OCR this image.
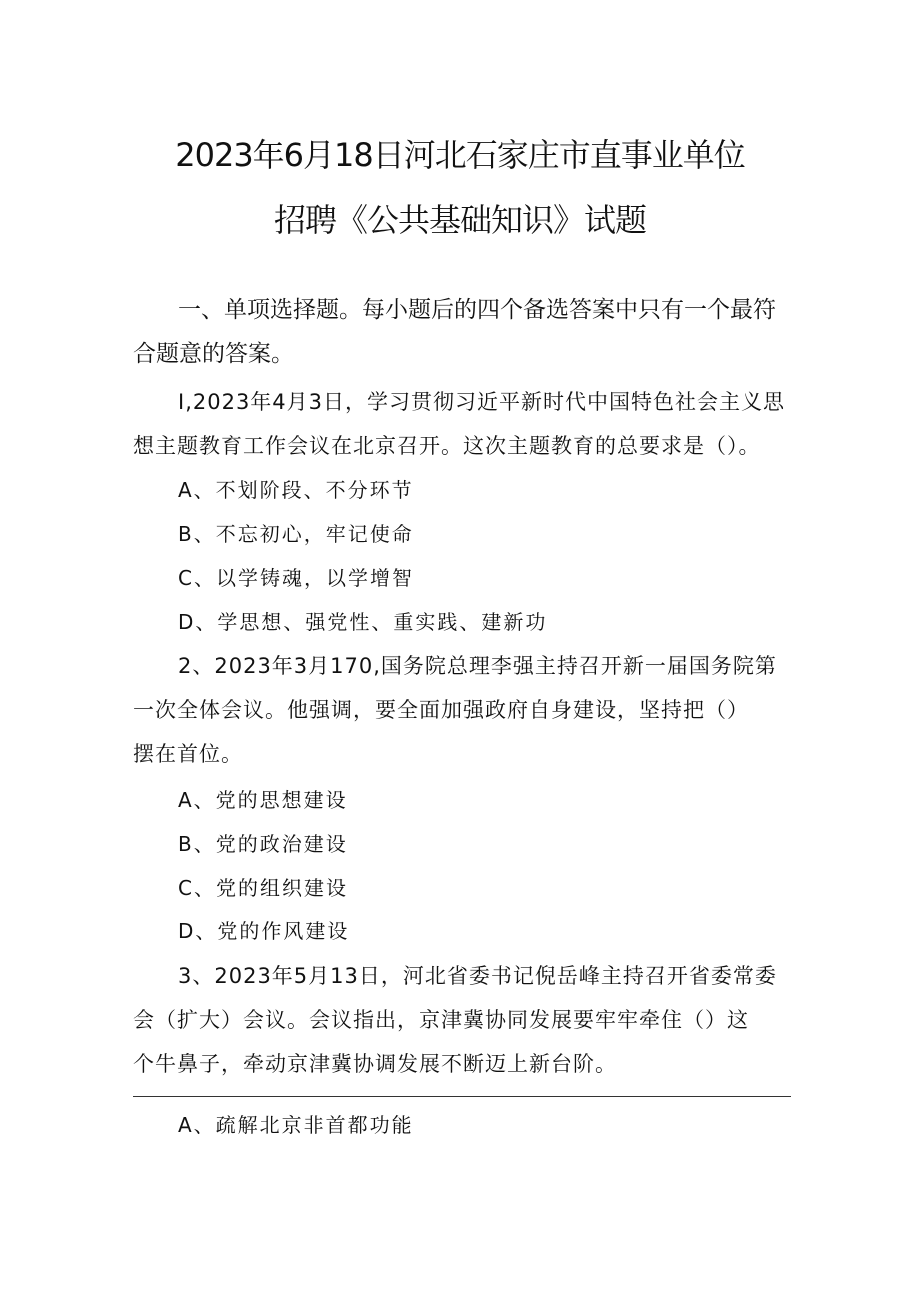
2023年6月18日河北石家庄市直事业单位
招聘《公共基础知识》试题

一、单项选择题。每小题后的四个备选答案中只有一个最符

合题意的答案。

I,2023年4月3日，学习贯彻习近平新时代中国特色社会主义思

想主题教育工作会议在北京召开。这次主题教育的总要求是（）。

A、不划阶段、不分环节

B、不忘初心，牢记使命

C、以学铸魂，以学增智

D、学思想、强党性、重实践、建新功

2、2023年3月170,国务院总理李强主持召开新一届国务院第

一次全体会议。他强调，要全面加强政府自身建设，坚持把（）

摆在首位。

A、党的思想建设

B、党的政治建设

C、党的组织建设

D、党的作风建设

3、2023年5月13日，河北省委书记倪岳峰主持召开省委常委

会（扩大）会议。会议指出，京津冀协同发展要牢牢牵住（）这

个牛鼻子，牵动京津冀协调发展不断迈上新台阶。

A、疏解北京非首都功能
